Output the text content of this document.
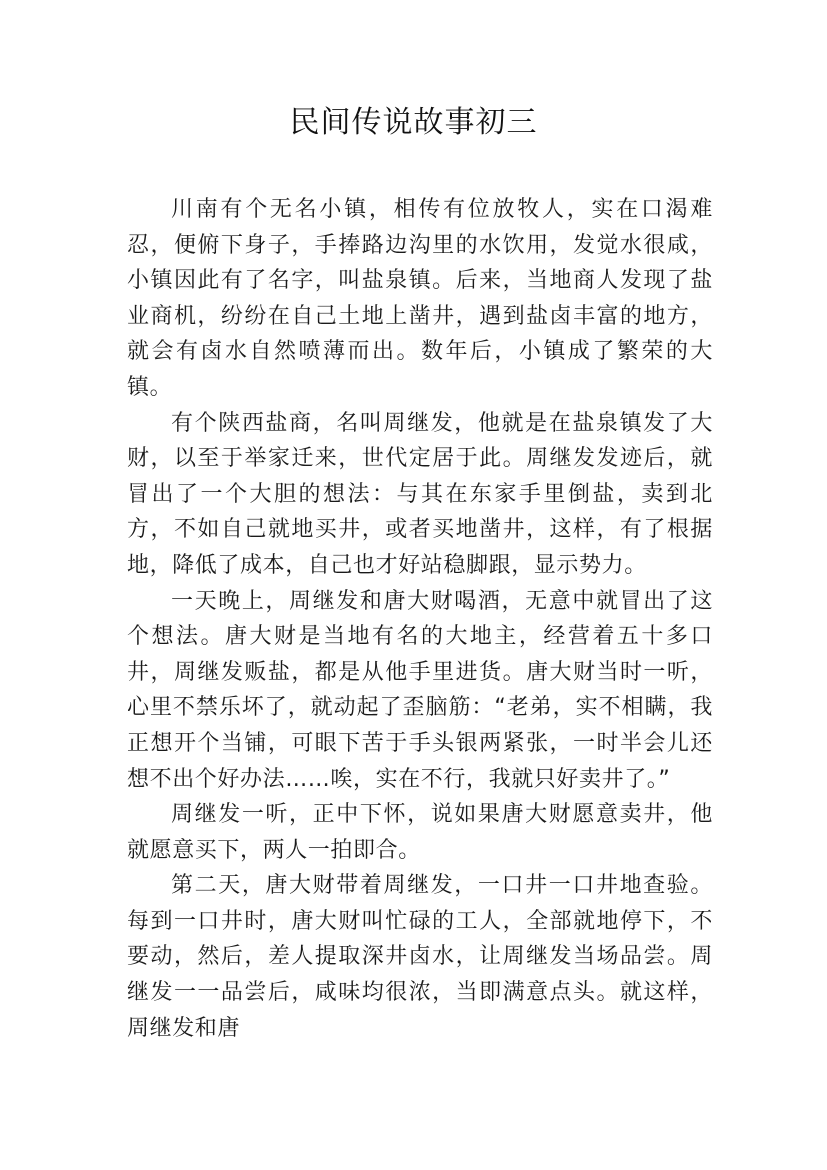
民间传说故事初三

川南有个无名小镇，相传有位放牧人，实在口渴难忍，便俯下身子，手捧路边沟里的水饮用，发觉水很咸，小镇因此有了名字，叫盐泉镇。后来，当地商人发现了盐业商机，纷纷在自己土地上凿井，遇到盐卤丰富的地方，就会有卤水自然喷薄而出。数年后，小镇成了繁荣的大镇。

有个陕西盐商，名叫周继发，他就是在盐泉镇发了大财，以至于举家迁来，世代定居于此。周继发发迹后，就冒出了一个大胆的想法：与其在东家手里倒盐，卖到北方，不如自己就地买井，或者买地凿井，这样，有了根据地，降低了成本，自己也才好站稳脚跟，显示势力。

一天晚上，周继发和唐大财喝酒，无意中就冒出了这个想法。唐大财是当地有名的大地主，经营着五十多口井，周继发贩盐，都是从他手里进货。唐大财当时一听，心里不禁乐坏了，就动起了歪脑筋：“老弟，实不相瞒，我正想开个当铺，可眼下苦于手头银两紧张，一时半会儿还想不出个好办法……唉，实在不行，我就只好卖井了。”

周继发一听，正中下怀，说如果唐大财愿意卖井，他就愿意买下，两人一拍即合。

第二天，唐大财带着周继发，一口井一口井地查验。每到一口井时，唐大财叫忙碌的工人，全部就地停下，不要动，然后，差人提取深井卤水，让周继发当场品尝。周继发一一品尝后，咸味均很浓，当即满意点头。就这样，周继发和唐
